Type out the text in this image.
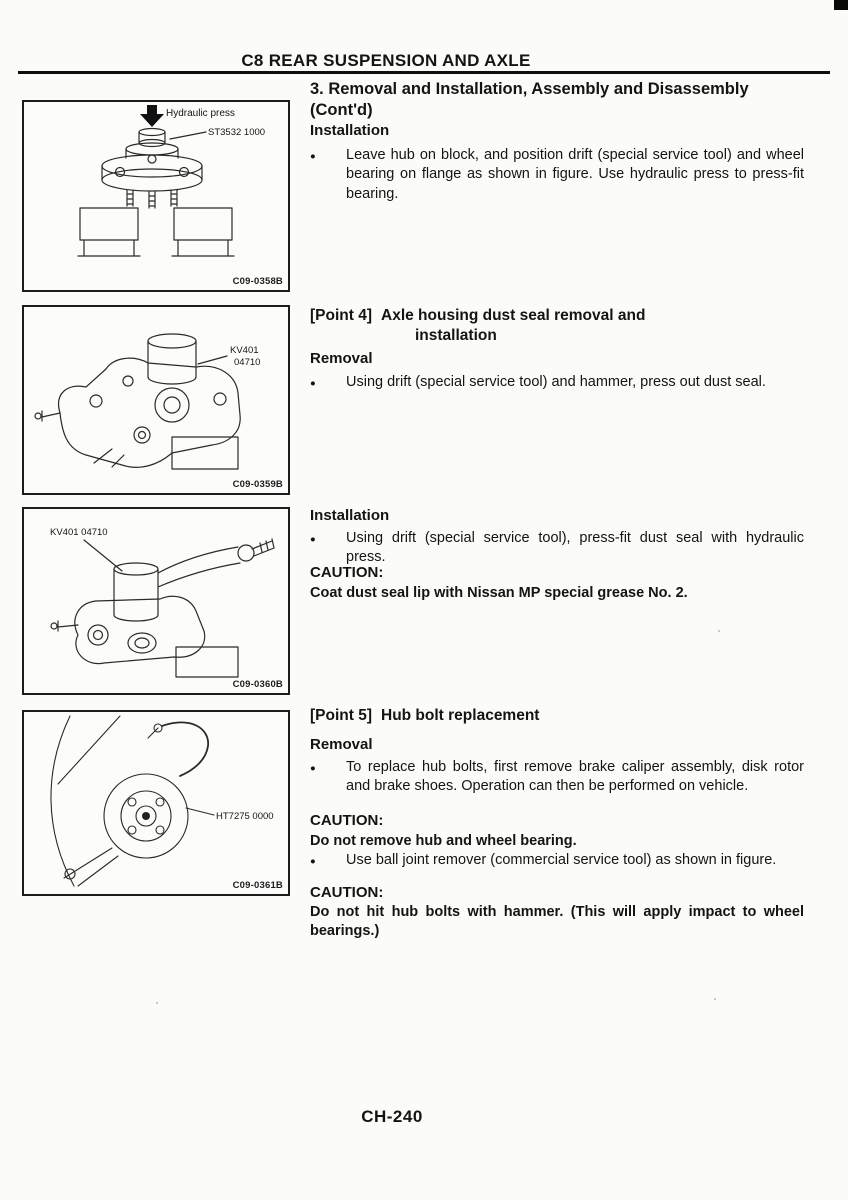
C8 REAR SUSPENSION AND AXLE
Hydraulic press
ST3532 1000
C09-0358B
KV401
04710
C09-0359B
KV401 04710
C09-0360B
HT7275 0000
C09-0361B
3. Removal and Installation, Assembly and Disassembly (Cont'd)
Installation
●
Leave hub on block, and position drift (special service tool) and wheel bearing on flange as shown in figure. Use hydraulic press to press-fit bearing.
[Point 4] Axle housing dust seal removal and
installation
Removal
●
Using drift (special service tool) and hammer, press out dust seal.
Installation
●
Using drift (special service tool), press-fit dust seal with hydraulic press.
CAUTION:
Coat dust seal lip with Nissan MP special grease No. 2.
[Point 5] Hub bolt replacement
Removal
●
To replace hub bolts, first remove brake caliper assembly, disk rotor and brake shoes. Operation can then be performed on vehicle.
CAUTION:
Do not remove hub and wheel bearing.
●
Use ball joint remover (commercial service tool) as shown in figure.
CAUTION:
Do not hit hub bolts with hammer. (This will apply impact to wheel bearings.)
CH-240
